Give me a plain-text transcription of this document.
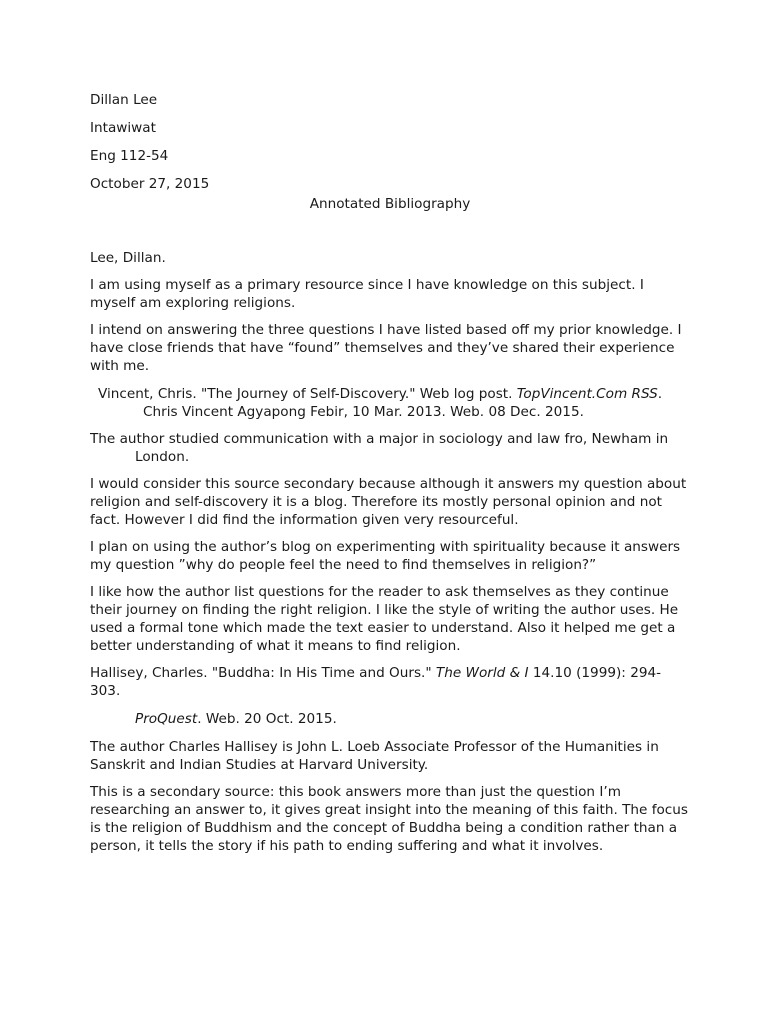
Dillan Lee
Intawiwat
Eng 112-54
October 27, 2015
Annotated Bibliography
Lee, Dillan.
I am using myself as a primary resource since I have knowledge on this subject. I myself am exploring religions.
I intend on answering the three questions I have listed based off my prior knowledge. I have close friends that have “found” themselves and they’ve shared their experience with me.
Vincent, Chris. "The Journey of Self-Discovery." Web log post. TopVincent.Com RSS. Chris Vincent Agyapong Febir, 10 Mar. 2013. Web. 08 Dec. 2015.
The author studied communication with a major in sociology and law fro, Newham in London.
I would consider this source secondary because although it answers my question about religion and self-discovery it is a blog. Therefore its mostly personal opinion and not fact. However I did find the information given very resourceful.
I plan on using the author’s blog on experimenting with spirituality because it answers my question ”why do people feel the need to find themselves in religion?”
I like how the author list questions for the reader to ask themselves as they continue their journey on finding the right religion. I like the style of writing the author uses. He used a formal tone which made the text easier to understand. Also it helped me get a better understanding of what it means to find religion.
Hallisey, Charles. "Buddha: In His Time and Ours." The World & I 14.10 (1999): 294-303.
ProQuest. Web. 20 Oct. 2015.
The author Charles Hallisey is John L. Loeb Associate Professor of the Humanities in Sanskrit and Indian Studies at Harvard University.
This is a secondary source: this book answers more than just the question I’m researching an answer to, it gives great insight into the meaning of this faith. The focus is the religion of Buddhism and the concept of Buddha being a condition rather than a person, it tells the story if his path to ending suffering and what it involves.
